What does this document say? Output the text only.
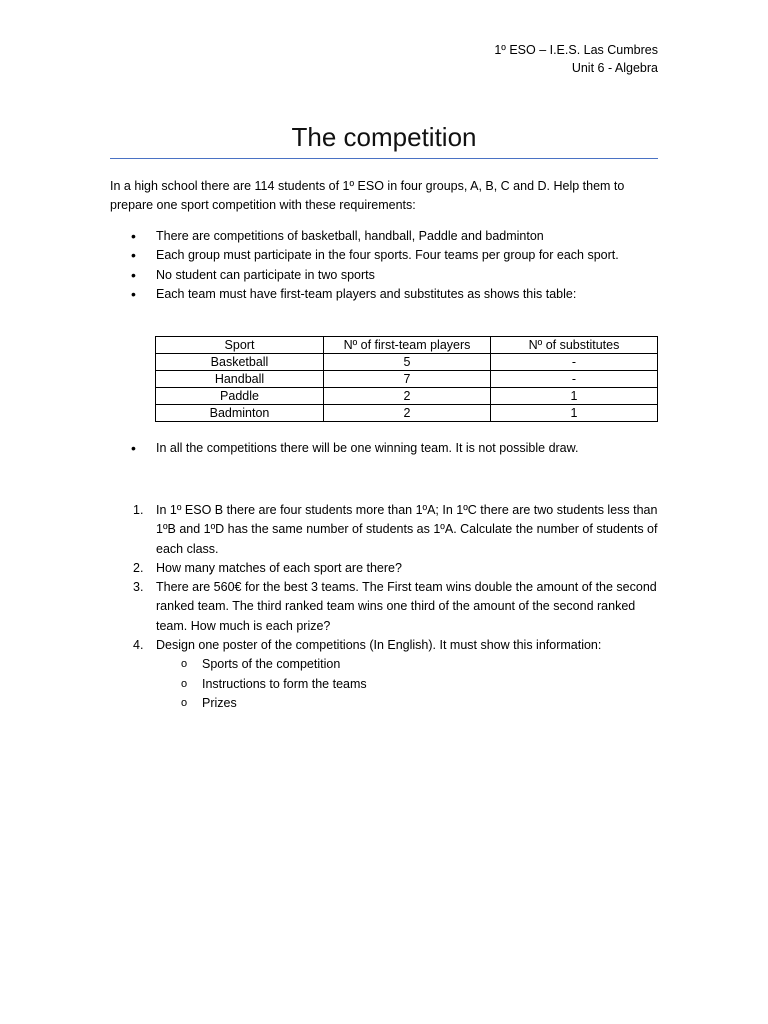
1º ESO – I.E.S. Las Cumbres
Unit 6 - Algebra
The competition

In a high school there are 114 students of 1º ESO in four groups, A, B, C and D. Help them to prepare one sport competition with these requirements:

• There are competitions of basketball, handball, Paddle and badminton
• Each group must participate in the four sports. Four teams per group for each sport.
• No student can participate in two sports
• Each team must have first-team players and substitutes as shows this table:
Sport	Nº of first-team players	Nº of substitutes
Basketball	5	-
Handball	7	-
Paddle	2	1
Badminton	2	1
• In all the competitions there will be one winning team. It is not possible draw.
1. In 1º ESO B there are four students more than 1ºA; In 1ºC there are two students less than 1ºB and 1ºD has the same number of students as 1ºA. Calculate the number of students of each class.
2. How many matches of each sport are there?
3. There are 560€ for the best 3 teams. The First team wins double the amount of the second ranked team. The third ranked team wins one third of the amount of the second ranked team. How much is each prize?
4. Design one poster of the competitions (In English). It must show this information:
o Sports of the competition
o Instructions to form the teams
o Prizes
